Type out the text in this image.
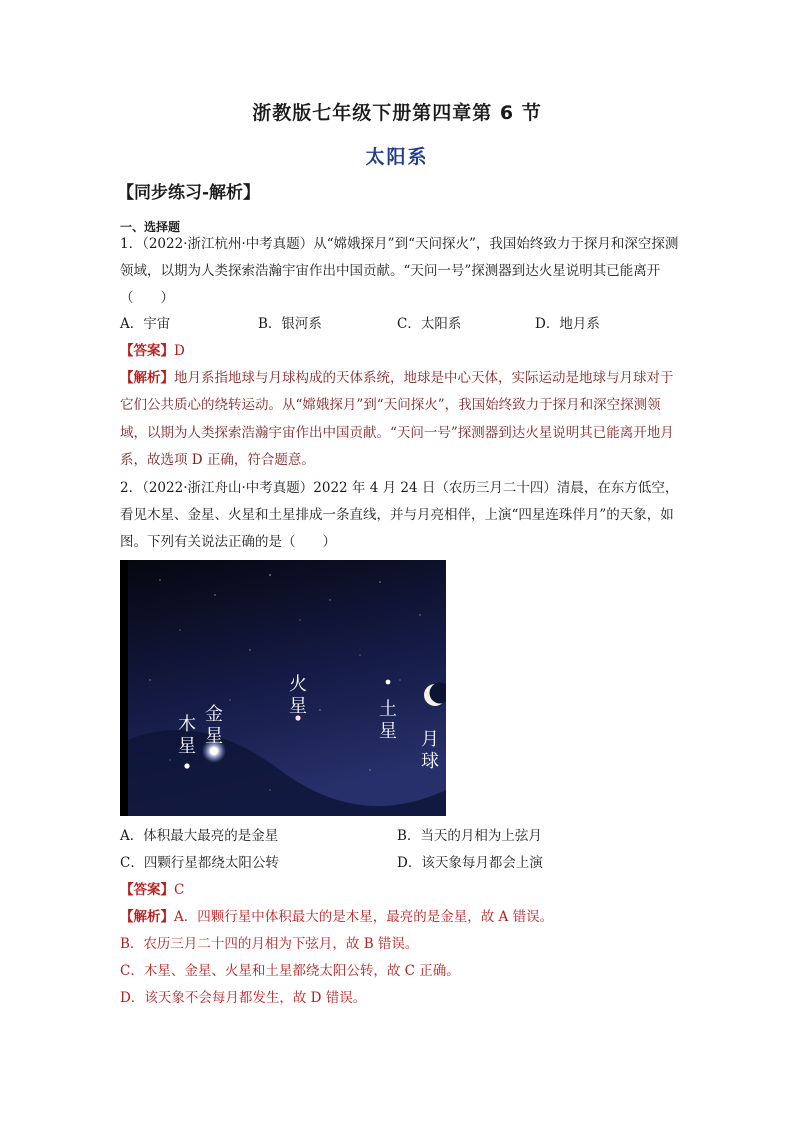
浙教版七年级下册第四章第 6 节
太阳系
【同步练习-解析】
一、选择题

1．（2022·浙江杭州·中考真题）从“嫦娥探月”到“天问探火”，我国始终致力于探月和深空探测领域，以期为人类探索浩瀚宇宙作出中国贡献。“天问一号”探测器到达火星说明其已能离开（　　）

A．宇宙	B．银河系	C．太阳系	D．地月系
【答案】D

【解析】地月系指地球与月球构成的天体系统，地球是中心天体，实际运动是地球与月球对于它们公共质心的绕转运动。从“嫦娥探月”到“天问探火”，我国始终致力于探月和深空探测领域，以期为人类探索浩瀚宇宙作出中国贡献。“天问一号”探测器到达火星说明其已能离开地月系，故选项 D 正确，符合题意。

2．（2022·浙江舟山·中考真题）2022 年 4 月 24 日（农历三月二十四）清晨，在东方低空，看见木星、金星、火星和土星排成一条直线，并与月亮相伴，上演“四星连珠伴月”的天象，如图。下列有关说法正确的是（　　）

木星
金星
火星	土星 月球
A．体积最大最亮的是金星	B．当天的月相为上弦月
C．四颗行星都绕太阳公转	D．该天象每月都会上演
【答案】C
【解析】A．四颗行星中体积最大的是木星，最亮的是金星，故 A 错误。
B．农历三月二十四的月相为下弦月，故 B 错误。
C．木星、金星、火星和土星都绕太阳公转，故 C 正确。
D．该天象不会每月都发生，故 D 错误。
